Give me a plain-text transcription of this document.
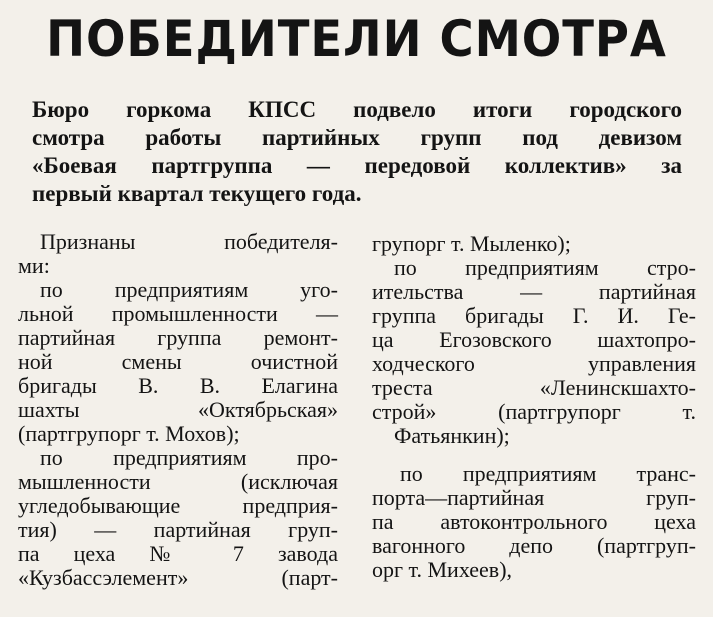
ПОБЕДИТЕЛИ СМОТРА
Бюро горкома КПСС подвело итоги городского
смотра работы партийных групп под девизом
«Боевая партгруппа — передовой коллектив» за
первый квартал текущего года.
Признаны победителя-
ми:
по предприятиям уго-
льной промышленности —
партийная группа ремонт-
ной смены очистной
бригады В. В. Елагина
шахты «Октябрьская»
(партгрупорг т. Мохов);
по предприятиям про-
мышленности (исключая
угледобывающие предприя-
тия) — партийная груп-
па цеха № 7 завода
«Кузбассэлемент» (парт-
групорг т. Мыленко);
по предприятиям стро-
ительства — партийная
группа бригады Г. И. Ге-
ца Егозовского шахтопро-
ходческого управления
треста «Ленинскшахто-
строй» (партгрупорг т.
Фатьянкин);
по предприятиям транс-
порта—партийная груп-
па автоконтрольного цеха
вагонного депо (партгруп-
орг т. Михеев),
